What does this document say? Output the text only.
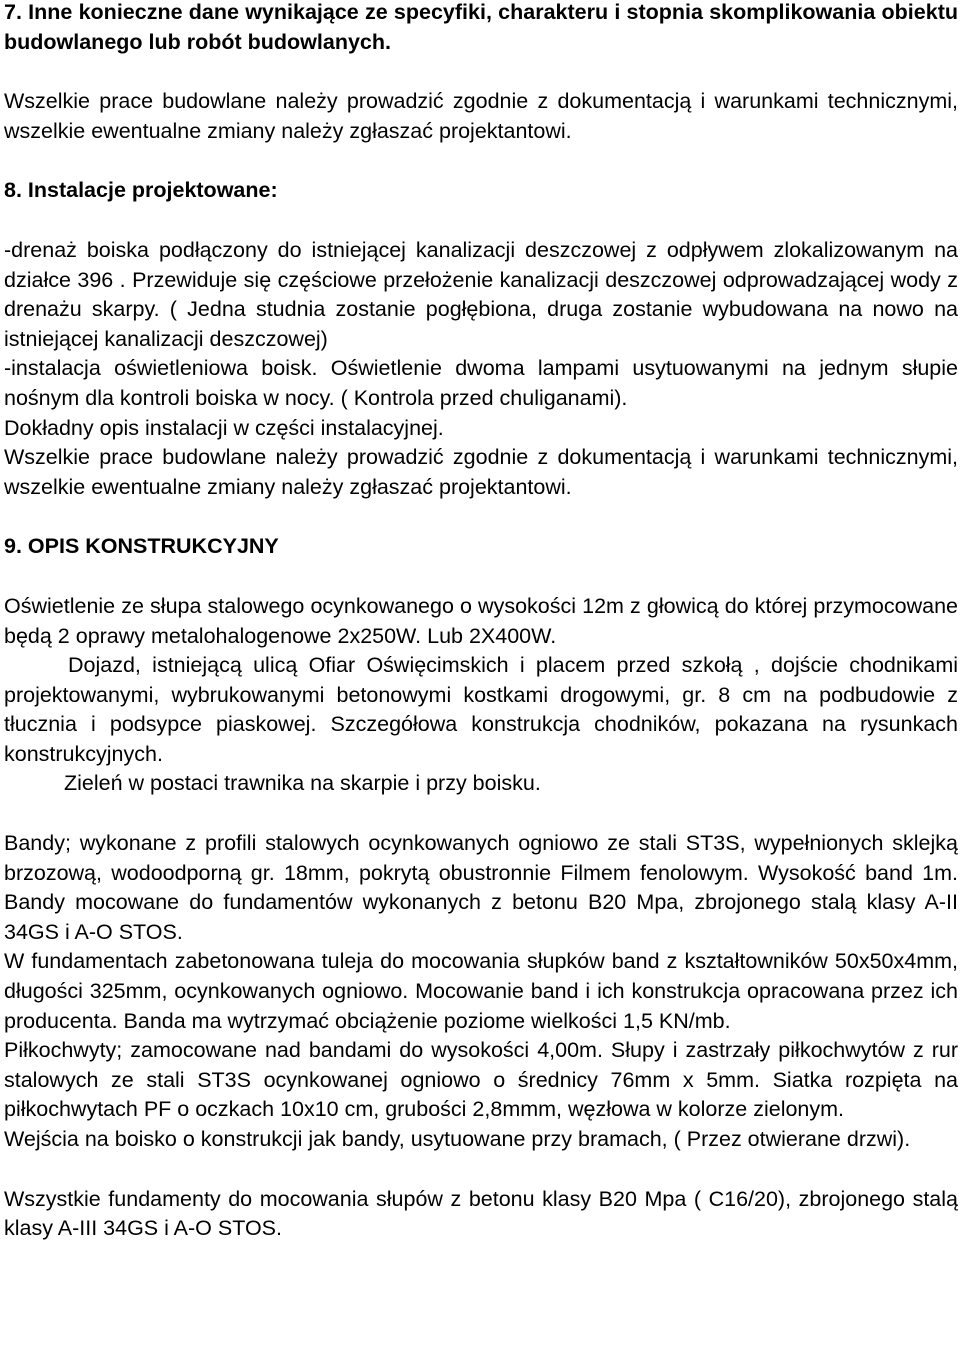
7. Inne konieczne dane wynikające ze specyfiki, charakteru i stopnia skomplikowania obiektu budowlanego lub robót budowlanych.
Wszelkie prace budowlane należy prowadzić zgodnie z dokumentacją i warunkami technicznymi, wszelkie ewentualne zmiany należy zgłaszać projektantowi.
8. Instalacje projektowane:
-drenaż boiska podłączony do istniejącej kanalizacji deszczowej z odpływem zlokalizowanym na działce 396 . Przewiduje się częściowe przełożenie kanalizacji deszczowej odprowadzającej wody z drenażu skarpy. ( Jedna studnia zostanie pogłębiona, druga zostanie wybudowana na nowo na istniejącej kanalizacji deszczowej)
-instalacja oświetleniowa boisk. Oświetlenie dwoma lampami usytuowanymi na jednym słupie nośnym dla kontroli boiska w nocy. ( Kontrola przed chuliganami).
Dokładny opis instalacji w części instalacyjnej.
Wszelkie prace budowlane należy prowadzić zgodnie z dokumentacją i warunkami technicznymi, wszelkie ewentualne zmiany należy zgłaszać projektantowi.
9. OPIS KONSTRUKCYJNY
Oświetlenie ze słupa stalowego ocynkowanego o wysokości 12m z głowicą do której przymocowane będą 2 oprawy metalohalogenowe 2x250W. Lub 2X400W.
Dojazd, istniejącą ulicą Ofiar Oświęcimskich i placem przed szkołą , dojście chodnikami projektowanymi, wybrukowanymi betonowymi kostkami drogowymi, gr. 8 cm na podbudowie z tłucznia i podsypce piaskowej. Szczegółowa konstrukcja chodników, pokazana na rysunkach konstrukcyjnych.
Zieleń w postaci trawnika na skarpie i przy boisku.
Bandy; wykonane z profili stalowych ocynkowanych ogniowo ze stali ST3S, wypełnionych sklejką brzozową, wodoodporną gr. 18mm, pokrytą obustronnie Filmem fenolowym. Wysokość band 1m. Bandy mocowane do fundamentów wykonanych z betonu B20 Mpa, zbrojonego stalą klasy A-II 34GS i A-O STOS.
W fundamentach zabetonowana tuleja do mocowania słupków band z kształtowników 50x50x4mm, długości 325mm, ocynkowanych ogniowo. Mocowanie band i ich konstrukcja opracowana przez ich producenta. Banda ma wytrzymać obciążenie poziome wielkości 1,5 KN/mb.
Piłkochwyty; zamocowane nad bandami do wysokości 4,00m. Słupy i zastrzały piłkochwytów z rur stalowych ze stali ST3S ocynkowanej ogniowo o średnicy 76mm x 5mm. Siatka rozpięta na piłkochwytach PF o oczkach 10x10 cm, grubości 2,8mmm, węzłowa w kolorze zielonym.
Wejścia na boisko o konstrukcji jak bandy, usytuowane przy bramach, ( Przez otwierane drzwi).
Wszystkie fundamenty do mocowania słupów z betonu klasy B20 Mpa ( C16/20), zbrojonego stalą klasy A-III 34GS i A-O STOS.
